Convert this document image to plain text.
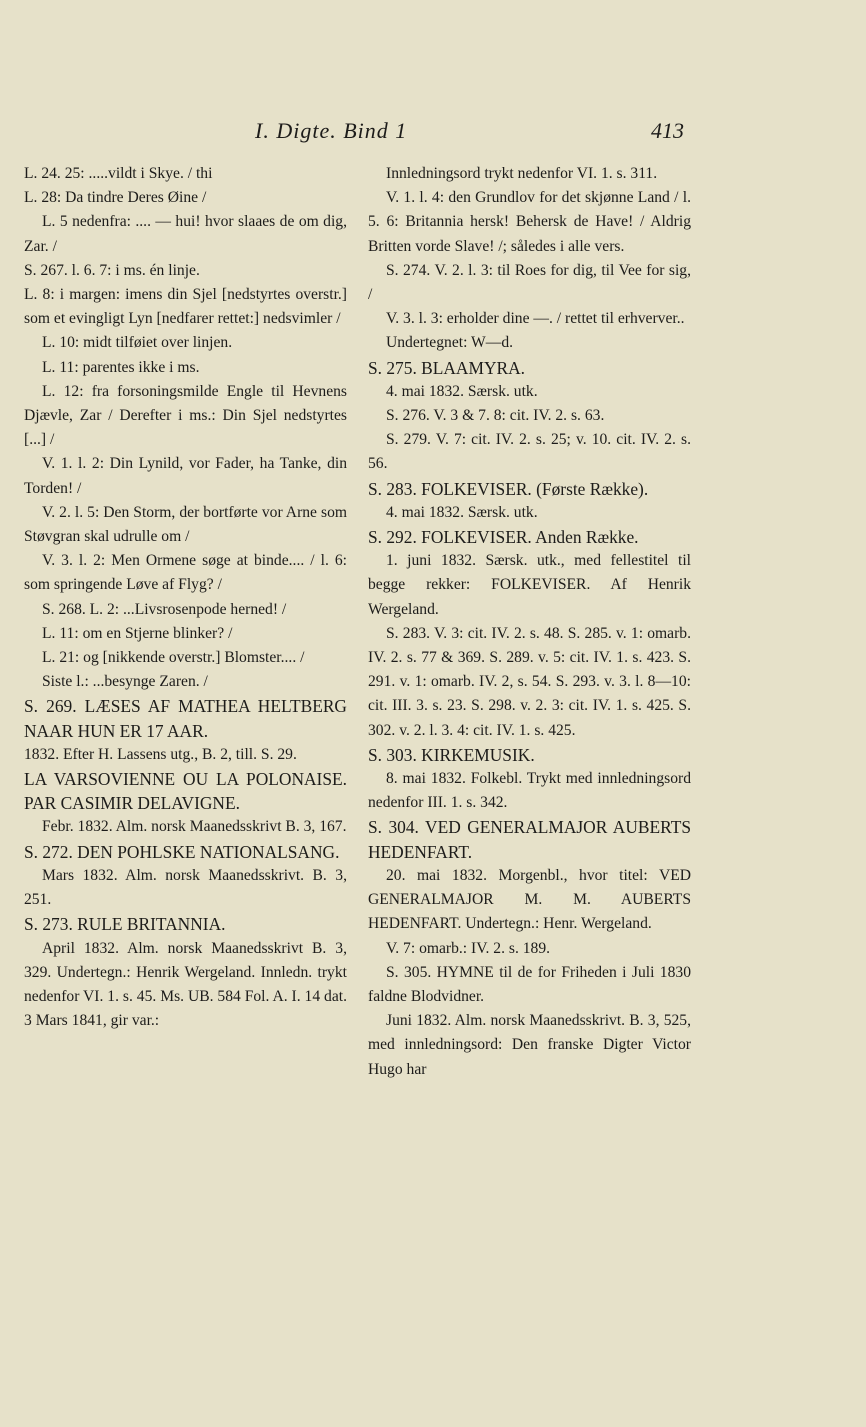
I. Digte. Bind 1	413

L. 24. 25: .....vildt i Skye. / thi

L. 28: Da tindre Deres Øine /

L. 5 nedenfra: .... — hui! hvor slaaes de om dig, Zar. /

S. 267. l. 6. 7: i ms. én linje.

L. 8: i margen: imens din Sjel [nedstyrtes overstr.] som et evingligt Lyn [nedfarer rettet:] nedsvimler /

L. 10: midt tilføiet over linjen.

L. 11: parentes ikke i ms.

L. 12: fra forsoningsmilde Engle til Hevnens Djævle, Zar / Derefter i ms.: Din Sjel nedstyrtes [...] /

V. 1. l. 2: Din Lynild, vor Fader, ha Tanke, din Torden! /

V. 2. l. 5: Den Storm, der bortførte vor Arne som Støvgran skal udrulle om /

V. 3. l. 2: Men Ormene søge at binde.... / l. 6: som springende Løve af Flyg? /

S. 268. L. 2: ...Livsrosenpode herned! /

L. 11: om en Stjerne blinker? /

L. 21: og [nikkende overstr.] Blomster.... /

Siste l.: ...besynge Zaren. /

S. 269. LÆSES AF MATHEA HELTBERG NAAR HUN ER 17 AAR.

1832. Efter H. Lassens utg., B. 2, till. S. 29.

LA VARSOVIENNE OU LA POLONAISE. PAR CASIMIR DELAVIGNE.

Febr. 1832. Alm. norsk Maanedsskrivt B. 3, 167.

S. 272. DEN POHLSKE NATIONALSANG.

Mars 1832. Alm. norsk Maanedsskrivt. B. 3, 251.

S. 273. RULE BRITANNIA.

April 1832. Alm. norsk Maanedsskrivt B. 3, 329. Undertegn.: Henrik Wergeland. Innledn. trykt nedenfor VI. 1. s. 45. Ms. UB. 584 Fol. A. I. 14 dat. 3 Mars 1841, gir var.:

Innledningsord trykt nedenfor VI. 1. s. 311.

V. 1. l. 4: den Grundlov for det skjønne Land / l. 5. 6: Britannia hersk! Behersk de Have! / Aldrig Britten vorde Slave! /; således i alle vers.

S. 274. V. 2. l. 3: til Roes for dig, til Vee for sig, /

V. 3. l. 3: erholder dine —. / rettet til erhverver..

Undertegnet: W—d.

S. 275. BLAAMYRA.

4. mai 1832. Særsk. utk.

S. 276. V. 3 & 7. 8: cit. IV. 2. s. 63.

S. 279. V. 7: cit. IV. 2. s. 25; v. 10. cit. IV. 2. s. 56.

S. 283. FOLKEVISER. (Første Række).

4. mai 1832. Særsk. utk.

S. 292. FOLKEVISER. Anden Række.

1. juni 1832. Særsk. utk., med fellestitel til begge rekker: FOLKEVISER. Af Henrik Wergeland.

S. 283. V. 3: cit. IV. 2. s. 48. S. 285. v. 1: omarb. IV. 2. s. 77 & 369. S. 289. v. 5: cit. IV. 1. s. 423. S. 291. v. 1: omarb. IV. 2, s. 54. S. 293. v. 3. l. 8—10: cit. III. 3. s. 23. S. 298. v. 2. 3: cit. IV. 1. s. 425. S. 302. v. 2. l. 3. 4: cit. IV. 1. s. 425.

S. 303. KIRKEMUSIK.

8. mai 1832. Folkebl. Trykt med innledningsord nedenfor III. 1. s. 342.

S. 304. VED GENERALMAJOR AUBERTS HEDENFART.

20. mai 1832. Morgenbl., hvor titel: VED GENERALMAJOR M. M. AUBERTS HEDENFART. Undertegn.: Henr. Wergeland.

V. 7: omarb.: IV. 2. s. 189.

S. 305. HYMNE til de for Friheden i Juli 1830 faldne Blodvidner.

Juni 1832. Alm. norsk Maanedsskrivt. B. 3, 525, med innledningsord: Den franske Digter Victor Hugo har
